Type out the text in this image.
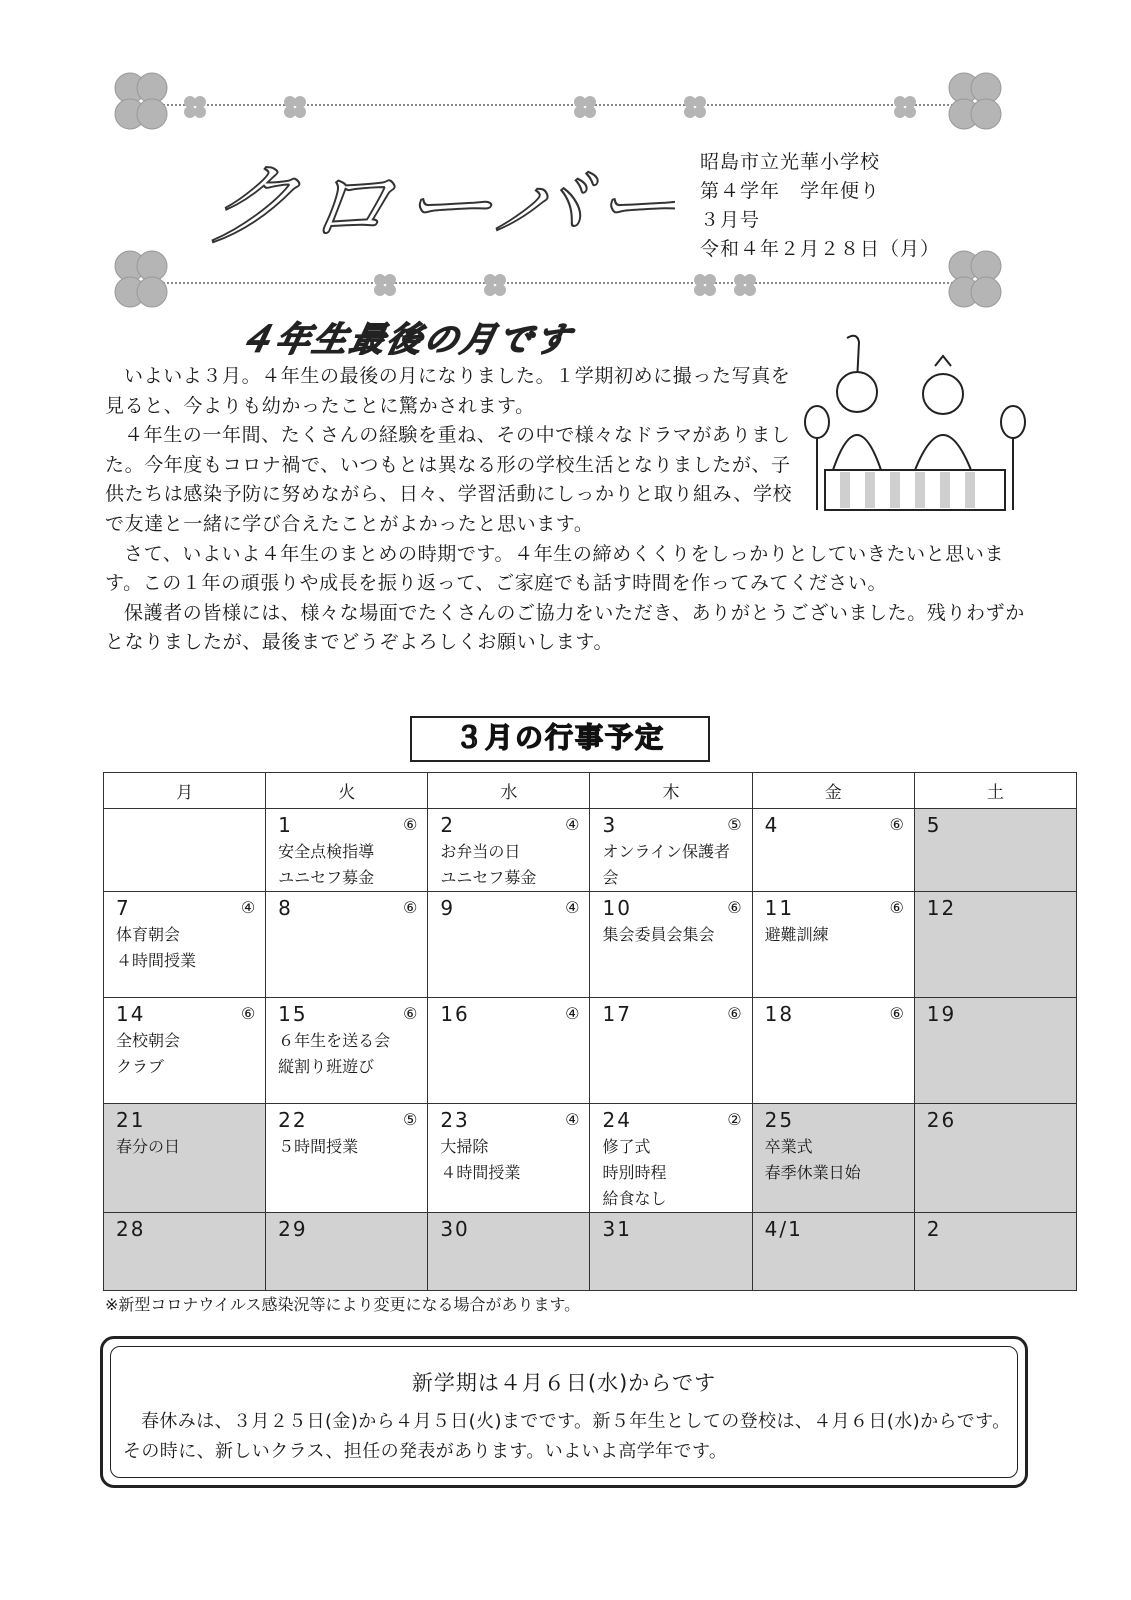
クローバー 昭島市立光華小学校
第４学年　学年便り
３月号
令和４年２月２８日（月）
４年生最後の月です

いよいよ３月。４年生の最後の月になりました。１学期初めに撮った写真を見ると、今よりも幼かったことに驚かされます。

４年生の一年間、たくさんの経験を重ね、その中で様々なドラマがありました。今年度もコロナ禍で、いつもとは異なる形の学校生活となりましたが、子供たちは感染予防に努めながら、日々、学習活動にしっかりと取り組み、学校で友達と一緒に学び合えたことがよかったと思います。

さて、いよいよ４年生のまとめの時期です。４年生の締めくくりをしっかりとしていきたいと思います。この１年の頑張りや成長を振り返って、ご家庭でも話す時間を作ってみてください。

保護者の皆様には、様々な場面でたくさんのご協力をいただき、ありがとうございました。残りわずかとなりましたが、最後までどうぞよろしくお願いします。

３月の行事予定
月	火	水	木	金	土

	1 ⑥
安全点検指導
ユニセフ募金	2 ④
お弁当の日
ユニセフ募金	3 ⑤
オンライン保護者会	4 ⑥	5

7 ④
体育朝会
４時間授業	8 ⑥	9 ④	10 ⑥
集会委員会集会	11 ⑥
避難訓練	12

14 ⑥
全校朝会
クラブ	15 ⑥
６年生を送る会
縦割り班遊び	16 ④	17 ⑥	18 ⑥	19

21
春分の日	22 ⑤
５時間授業	23 ④
大掃除
４時間授業	24 ②
修了式
時別時程
給食なし	25
卒業式
春季休業日始	26

28	29	30	31	4/1	2
※新型コロナウイルス感染況等により変更になる場合があります。
新学期は４月６日(水)からです

春休みは、３月２５日(金)から４月５日(火)までです。新５年生としての登校は、４月６日(水)からです。

その時に、新しいクラス、担任の発表があります。いよいよ高学年です。
